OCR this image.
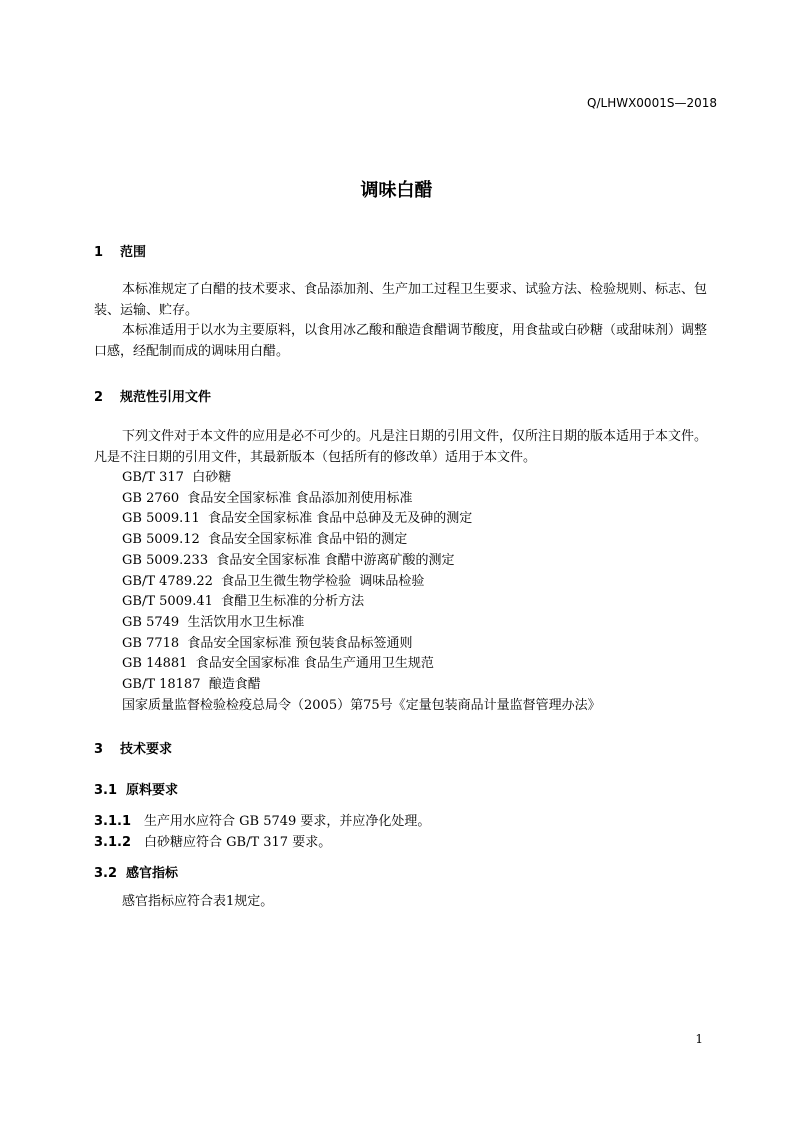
Q/LHWX0001S—2018
调味白醋
1 范围
本标准规定了白醋的技术要求、食品添加剂、生产加工过程卫生要求、试验方法、检验规则、标志、包装、运输、贮存。
本标准适用于以水为主要原料，以食用冰乙酸和酿造食醋调节酸度，用食盐或白砂糖（或甜味剂）调整口感，经配制而成的调味用白醋。
2 规范性引用文件
下列文件对于本文件的应用是必不可少的。凡是注日期的引用文件，仅所注日期的版本适用于本文件。凡是不注日期的引用文件，其最新版本（包括所有的修改单）适用于本文件。
GB/T 317  白砂糖
GB 2760  食品安全国家标准 食品添加剂使用标准
GB 5009.11  食品安全国家标准 食品中总砷及无及砷的测定
GB 5009.12  食品安全国家标准 食品中铅的测定
GB 5009.233  食品安全国家标准 食醋中游离矿酸的测定
GB/T 4789.22  食品卫生微生物学检验  调味品检验
GB/T 5009.41  食醋卫生标准的分析方法
GB 5749  生活饮用水卫生标准
GB 7718  食品安全国家标准 预包装食品标签通则
GB 14881  食品安全国家标准 食品生产通用卫生规范
GB/T 18187  酿造食醋
国家质量监督检验检疫总局令（2005）第75号《定量包装商品计量监督管理办法》
3 技术要求
3.1 原料要求
3.1.1 生产用水应符合 GB 5749 要求，并应净化处理。
3.1.2 白砂糖应符合 GB/T 317 要求。
3.2 感官指标
感官指标应符合表1规定。
1
